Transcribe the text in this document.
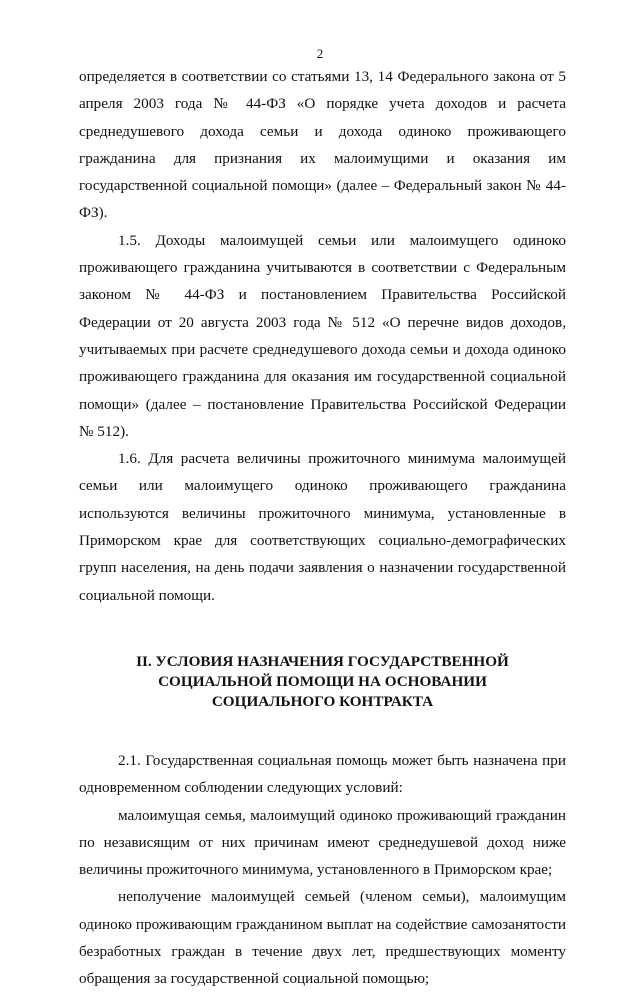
2

определяется в соответствии со статьями 13, 14 Федерального закона от 5 апреля 2003 года № 44-ФЗ «О порядке учета доходов и расчета среднедушевого дохода семьи и дохода одиноко проживающего гражданина для признания их малоимущими и оказания им государственной социальной помощи» (далее – Федеральный закон № 44-ФЗ).

1.5. Доходы малоимущей семьи или малоимущего одиноко проживающего гражданина учитываются в соответствии с Федеральным законом № 44-ФЗ и постановлением Правительства Российской Федерации от 20 августа 2003 года № 512 «О перечне видов доходов, учитываемых при расчете среднедушевого дохода семьи и дохода одиноко проживающего гражданина для оказания им государственной социальной помощи» (далее – постановление Правительства Российской Федерации № 512).

1.6. Для расчета величины прожиточного минимума малоимущей семьи или малоимущего одиноко проживающего гражданина используются величины прожиточного минимума, установленные в Приморском крае для соответствующих социально-демографических групп населения, на день подачи заявления о назначении государственной социальной помощи.

II. УСЛОВИЯ НАЗНАЧЕНИЯ ГОСУДАРСТВЕННОЙ
СОЦИАЛЬНОЙ ПОМОЩИ НА ОСНОВАНИИ
СОЦИАЛЬНОГО КОНТРАКТА

2.1. Государственная социальная помощь может быть назначена при одновременном соблюдении следующих условий:

малоимущая семья, малоимущий одиноко проживающий гражданин по независящим от них причинам имеют среднедушевой доход ниже величины прожиточного минимума, установленного в Приморском крае;

неполучение малоимущей семьей (членом семьи), малоимущим одиноко проживающим гражданином выплат на содействие самозанятости безработных граждан в течение двух лет, предшествующих моменту обращения за государственной социальной помощью;
